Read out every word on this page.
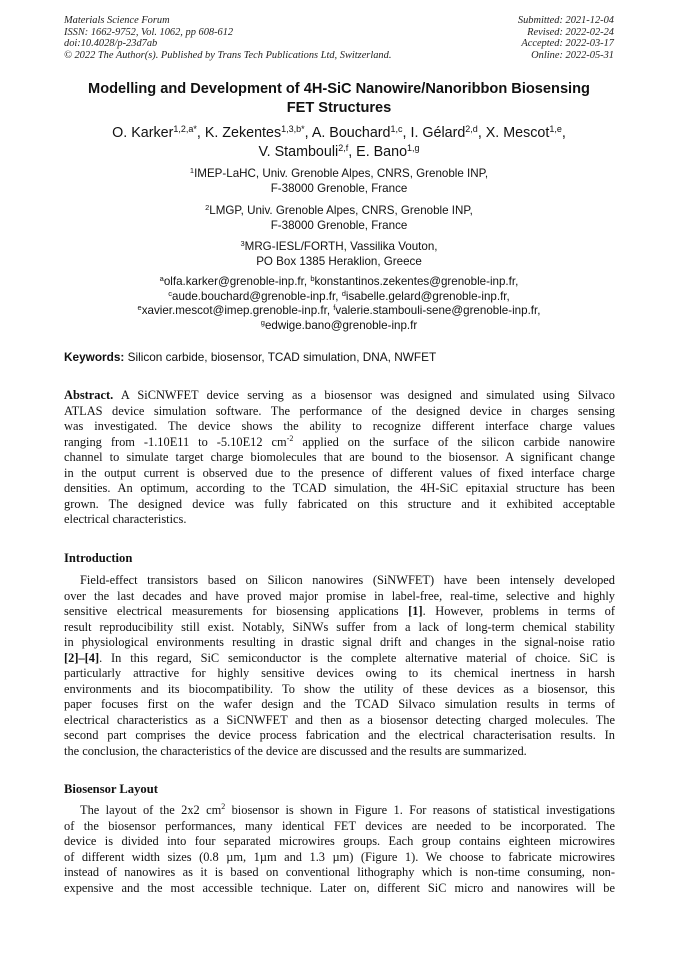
Materials Science Forum
ISSN: 1662-9752, Vol. 1062, pp 608-612
doi:10.4028/p-23d7ab
© 2022 The Author(s). Published by Trans Tech Publications Ltd, Switzerland.
Submitted: 2021-12-04
Revised: 2022-02-24
Accepted: 2022-03-17
Online: 2022-05-31
Modelling and Development of 4H-SiC Nanowire/Nanoribbon Biosensing
FET Structures
O. Karker$^{1,2,a*}$, K. Zekentes$^{1,3,b*}$, A. Bouchard$^{1,c}$, I. Gélard$^{2,d}$, X. Mescot$^{1,e}$,
V. Stambouli$^{2,f}$, E. Bano$^{1,g}$
$^1$IMEP-LaHC, Univ. Grenoble Alpes, CNRS, Grenoble INP,
F-38000 Grenoble, France
$^2$LMGP, Univ. Grenoble Alpes, CNRS, Grenoble INP,
F-38000 Grenoble, France
$^3$MRG-IESL/FORTH, Vassilika Vouton,
PO Box 1385 Heraklion, Greece
$^a$olfa.karker@grenoble-inp.fr, $^b$konstantinos.zekentes@grenoble-inp.fr,
$^c$aude.bouchard@grenoble-inp.fr, $^d$isabelle.gelard@grenoble-inp.fr,
$^e$xavier.mescot@imep.grenoble-inp.fr, $^f$valerie.stambouli-sene@grenoble-inp.fr,
$^g$edwige.bano@grenoble-inp.fr
Keywords: Silicon carbide, biosensor, TCAD simulation, DNA, NWFET
Abstract. A SiCNWFET device serving as a biosensor was designed and simulated using Silvaco
ATLAS device simulation software. The performance of the designed device in charges sensing
was investigated. The device shows the ability to recognize different interface charge values
ranging from -1.10E11 to -5.10E12 $cm^{-2}$ applied on the surface of the silicon carbide nanowire
channel to simulate target charge biomolecules that are bound to the biosensor. A significant change
in the output current is observed due to the presence of different values of fixed interface charge
densities. An optimum, according to the TCAD simulation, the 4H-SiC epitaxial structure has been
grown. The designed device was fully fabricated on this structure and it exhibited acceptable
electrical characteristics.
Introduction
Field-effect transistors based on Silicon nanowires (SiNWFET) have been intensely developed
over the last decades and have proved major promise in label-free, real-time, selective and highly
sensitive electrical measurements for biosensing applications [1]. However, problems in terms of
result reproducibility still exist. Notably, SiNWs suffer from a lack of long-term chemical stability
in physiological environments resulting in drastic signal drift and changes in the signal-noise ratio
[2]–[4]. In this regard, SiC semiconductor is the complete alternative material of choice. SiC is
particularly attractive for highly sensitive devices owing to its chemical inertness in harsh
environments and its biocompatibility. To show the utility of these devices as a biosensor, this
paper focuses first on the wafer design and the TCAD Silvaco simulation results in terms of
electrical characteristics as a SiCNWFET and then as a biosensor detecting charged molecules. The
second part comprises the device process fabrication and the electrical characterisation results. In
the conclusion, the characteristics of the device are discussed and the results are summarized.
Biosensor Layout
The layout of the 2x2 $cm^2$ biosensor is shown in Figure 1. For reasons of statistical investigations
of the biosensor performances, many identical FET devices are needed to be incorporated. The
device is divided into four separated microwires groups. Each group contains eighteen microwires
of different width sizes (0.8 µm, 1µm and 1.3 µm) (Figure 1). We choose to fabricate microwires
instead of nanowires as it is based on conventional lithography which is non-time consuming, non-
expensive and the most accessible technique. Later on, different SiC micro and nanowires will be
